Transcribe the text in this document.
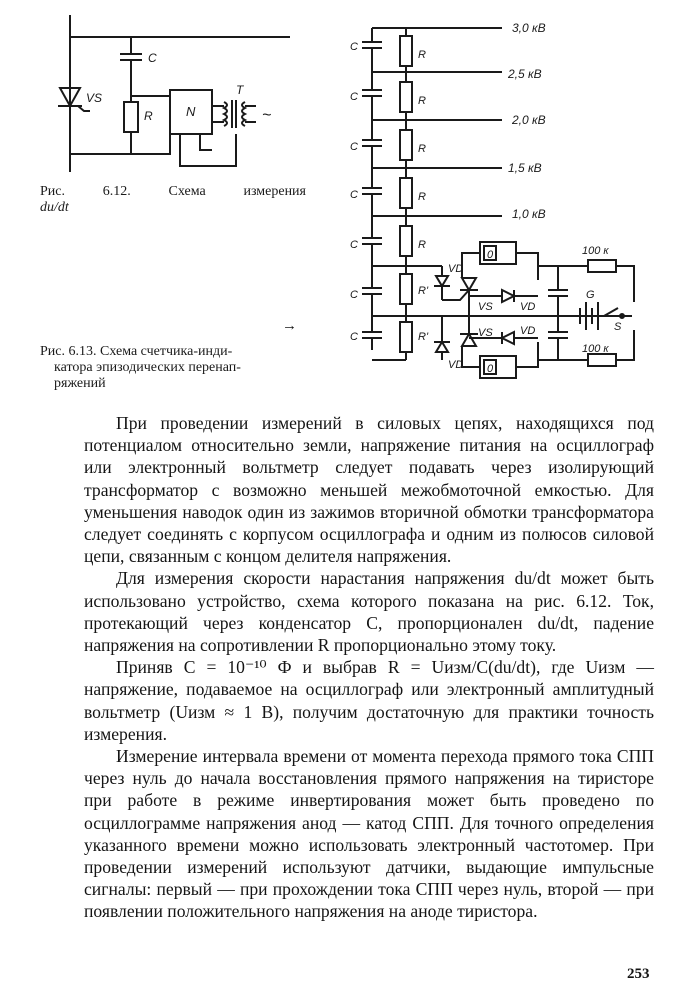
C
VS
R	N
T
~
Рис. 6.12. Схема измерения
du/dt
C
C
C
C
C
C
C
R
R
R
R
R
R'
R'
3,0 кВ
2,5 кВ
2,0 кВ
1,5 кВ
1,0 кВ
0
0
VD
VS
VD
VS
VD
VD
100 к
100 к
G
S
→
Рис. 6.13. Схема счетчика-инди-
катора эпизодических перенап-
ряжений

При проведении измерений в силовых цепях, находящихся под потенциалом относительно земли, напряжение питания на осциллограф или электронный вольтметр следует подавать через изолирующий трансформатор с возможно меньшей межобмоточной емкостью. Для уменьшения наводок один из зажимов вторичной обмотки трансформатора следует соединять с корпусом осциллографа и одним из полюсов силовой цепи, связанным с концом делителя напряжения.

Для измерения скорости нарастания напряжения du/dt может быть использовано устройство, схема которого показана на рис. 6.12. Ток, протекающий через конденсатор C, пропорционален du/dt, падение напряжения на сопротивлении R пропорционально этому току.

Приняв C = 10⁻¹⁰ Ф и выбрав R = Uизм/C(du/dt), где Uизм — напряжение, подаваемое на осциллограф или электронный амплитудный вольтметр (Uизм ≈ 1 В), получим достаточную для практики точность измерения.

Измерение интервала времени от момента перехода прямого тока СПП через нуль до начала восстановления прямого напряжения на тиристоре при работе в режиме инвертирования может быть проведено по осциллограмме напряжения анод — катод СПП. Для точного определения указанного времени можно использовать электронный частотомер. При проведении измерений используют датчики, выдающие импульсные сигналы: первый — при прохождении тока СПП через нуль, второй — при появлении положительного напряжения на аноде тиристора.

253
